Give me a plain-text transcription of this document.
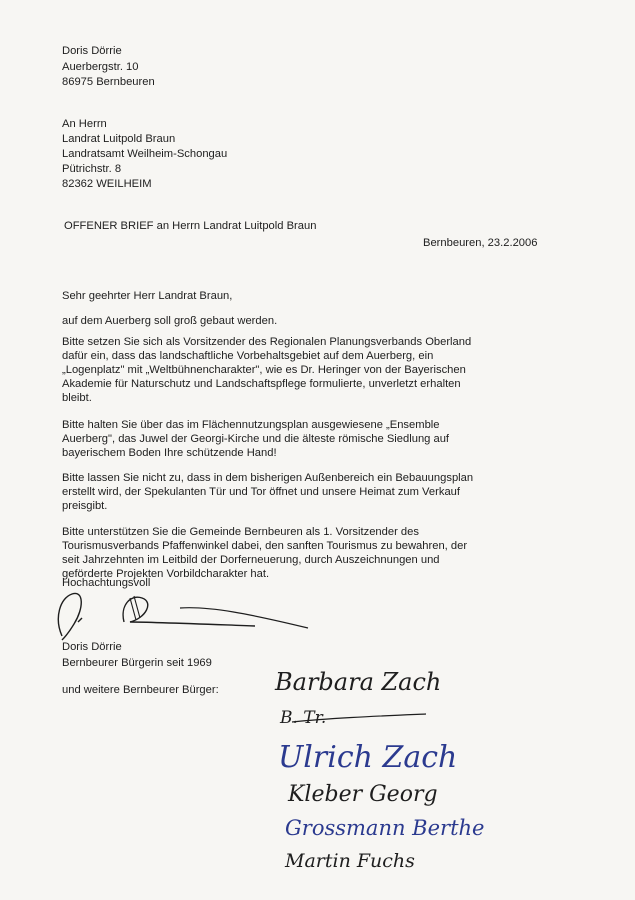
Doris Dörrie
Auerbergstr. 10
86975 Bernbeuren
An Herrn
Landrat Luitpold Braun
Landratsamt Weilheim-Schongau
Pütrichstr. 8
82362 WEILHEIM
OFFENER BRIEF an Herrn Landrat Luitpold Braun
Bernbeuren, 23.2.2006
Sehr geehrter Herr Landrat Braun,
auf dem Auerberg soll groß gebaut werden.
Bitte setzen Sie sich als Vorsitzender des Regionalen Planungsverbands Oberland
dafür ein, dass das landschaftliche Vorbehaltsgebiet auf dem Auerberg, ein
„Logenplatz" mit „Weltbühnencharakter", wie es Dr. Heringer von der Bayerischen
Akademie für Naturschutz und Landschaftspflege formulierte, unverletzt erhalten
bleibt.
Bitte halten Sie über das im Flächennutzungsplan ausgewiesene „Ensemble
Auerberg", das Juwel der Georgi-Kirche und die älteste römische Siedlung auf
bayerischem Boden Ihre schützende Hand!
Bitte lassen Sie nicht zu, dass in dem bisherigen Außenbereich ein Bebauungsplan
erstellt wird, der Spekulanten Tür und Tor öffnet und unsere Heimat zum Verkauf
preisgibt.
Bitte unterstützen Sie die Gemeinde Bernbeuren als 1. Vorsitzender des
Tourismusverbands Pfaffenwinkel dabei, den sanften Tourismus zu bewahren, der
seit Jahrzehnten im Leitbild der Dorferneuerung, durch Auszeichnungen und
geförderte Projekten Vorbildcharakter hat.
Hochachtungsvoll
Doris Dörrie
Bernbeurer Bürgerin seit 1969
und weitere Bernbeurer Bürger: Barbara Zach
B. Tr.
Ulrich Zach
Kleber Georg
Grossmann Berthe
Martin Fuchs
